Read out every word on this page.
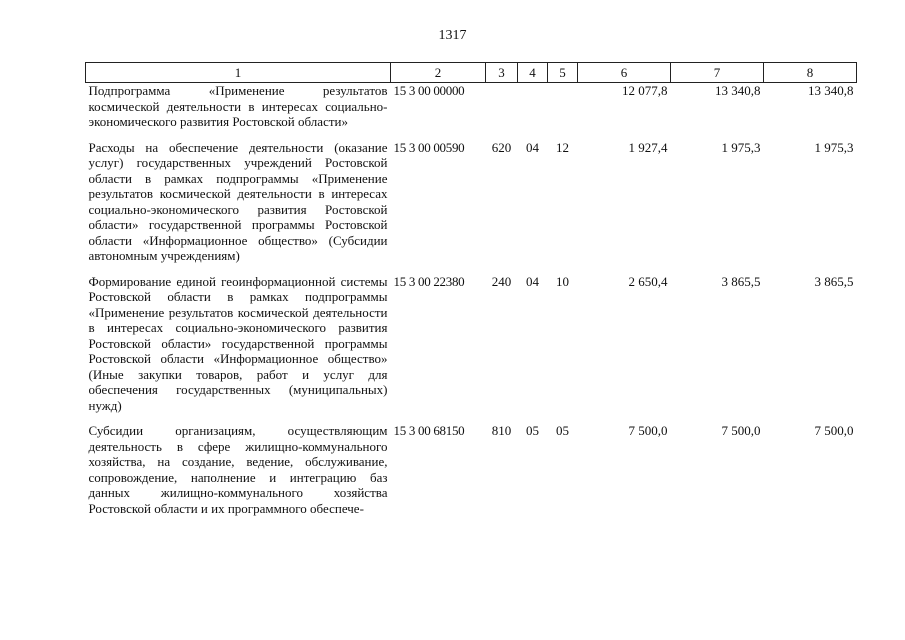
1317
1	2	3	4	5	6	7	8
Подпрограмма «Применение результатов космической деятельности в интересах социально-экономического развития Ростовской области»	15 3 00 00000				12 077,8	13 340,8	13 340,8
Расходы на обеспечение деятельности (оказание услуг) государственных учреждений Ростовской области в рамках подпрограммы «Применение результатов космической деятельности в интересах социально-экономического развития Ростовской области» государственной программы Ростовской области «Информационное общество» (Субсидии автономным учреждениям)	15 3 00 00590	620	04	12	1 927,4	1 975,3	1 975,3
Формирование единой геоинформационной системы Ростовской области в рамках подпрограммы «Применение результатов космической деятельности в интересах социально-экономического развития Ростовской области» государственной программы Ростовской области «Информационное общество» (Иные закупки товаров, работ и услуг для обеспечения государственных (муниципальных) нужд)	15 3 00 22380	240	04	10	2 650,4	3 865,5	3 865,5
Субсидии организациям, осуществляющим деятельность в сфере жилищно-коммунального хозяйства, на создание, ведение, обслуживание, сопровождение, наполнение и интеграцию баз данных жилищно-коммунального хозяйства Ростовской области и их программного обеспече-	15 3 00 68150	810	05	05	7 500,0	7 500,0	7 500,0
